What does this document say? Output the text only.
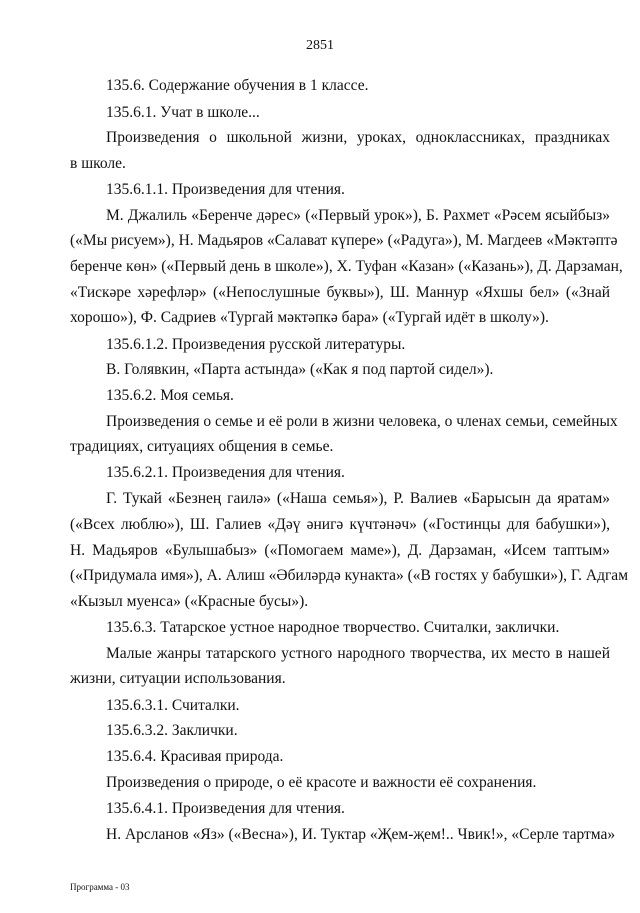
2851
135.6. Содержание обучения в 1 классе.
135.6.1. Учат в школе...
Произведения о школьной жизни, уроках, одноклассниках, праздниках
в школе.
135.6.1.1. Произведения для чтения.
М. Джалиль «Беренче дәрес» («Первый урок»), Б. Рахмет «Рәсем ясыйбыз»
(«Мы рисуем»), Н. Мадьяров «Салават күпере» («Радуга»), М. Магдеев «Мәктәптә
беренче көн» («Первый день в школе»), Х. Туфан «Казан» («Казань»), Д. Дарзаман,
«Тискәре хәрефләр» («Непослушные буквы»), Ш. Маннур «Яхшы бел» («Знай
хорошо»), Ф. Садриев «Тургай мәктәпкә бара» («Тургай идёт в школу»).
135.6.1.2. Произведения русской литературы.
В. Голявкин, «Парта астында» («Как я под партой сидел»).
135.6.2. Моя семья.
Произведения о семье и её роли в жизни человека, о членах семьи, семейных
традициях, ситуациях общения в семье.
135.6.2.1. Произведения для чтения.
Г. Тукай «Безнең гаилә» («Наша семья»), Р. Валиев «Барысын да яратам»
(«Всех люблю»), Ш. Галиев «Дәү әнигә күчтәнәч» («Гостинцы для бабушки»),
Н. Мадьяров «Булышабыз» («Помогаем маме»), Д. Дарзаман, «Исем таптым»
(«Придумала имя»), А. Алиш «Әбиләрдә кунакта» («В гостях у бабушки»), Г. Адгам
«Кызыл муенса» («Красные бусы»).
135.6.3. Татарское устное народное творчество. Считалки, заклички.
Малые жанры татарского устного народного творчества, их место в нашей
жизни, ситуации использования.
135.6.3.1. Считалки.
135.6.3.2. Заклички.
135.6.4. Красивая природа.
Произведения о природе, о её красоте и важности её сохранения.
135.6.4.1. Произведения для чтения.
Н. Арсланов «Яз» («Весна»), И. Туктар «Җем-җем!.. Чвик!», «Серле тартма»
Программа - 03
